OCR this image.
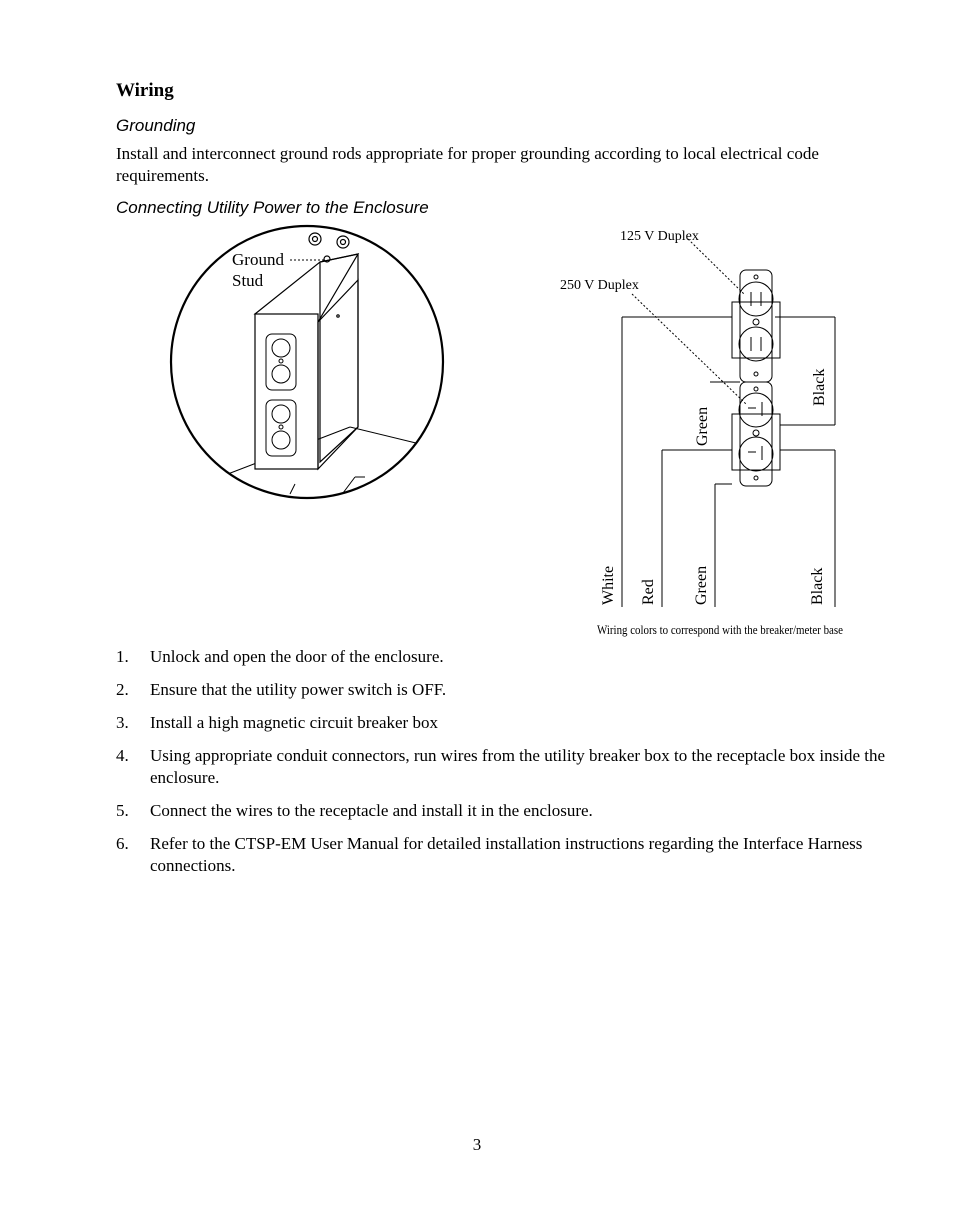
Wiring
Grounding
Install and interconnect ground rods appropriate for proper grounding according to local electrical code requirements.
Connecting Utility Power to the Enclosure
Ground
Stud
125 V Duplex
250 V Duplex
Green
Black
White Red Green	Black
Wiring colors to correspond with the breaker/meter base
1.	Unlock and open the door of the enclosure.
2.	Ensure that the utility power switch is OFF.
3.	Install a high magnetic circuit breaker box
4.	Using appropriate conduit connectors, run wires from the utility breaker box to the receptacle box inside the enclosure.
5.	Connect the wires to the receptacle and install it in the enclosure.
6.	Refer to the CTSP-EM User Manual for detailed installation instructions regarding the Interface Harness connections.
3
